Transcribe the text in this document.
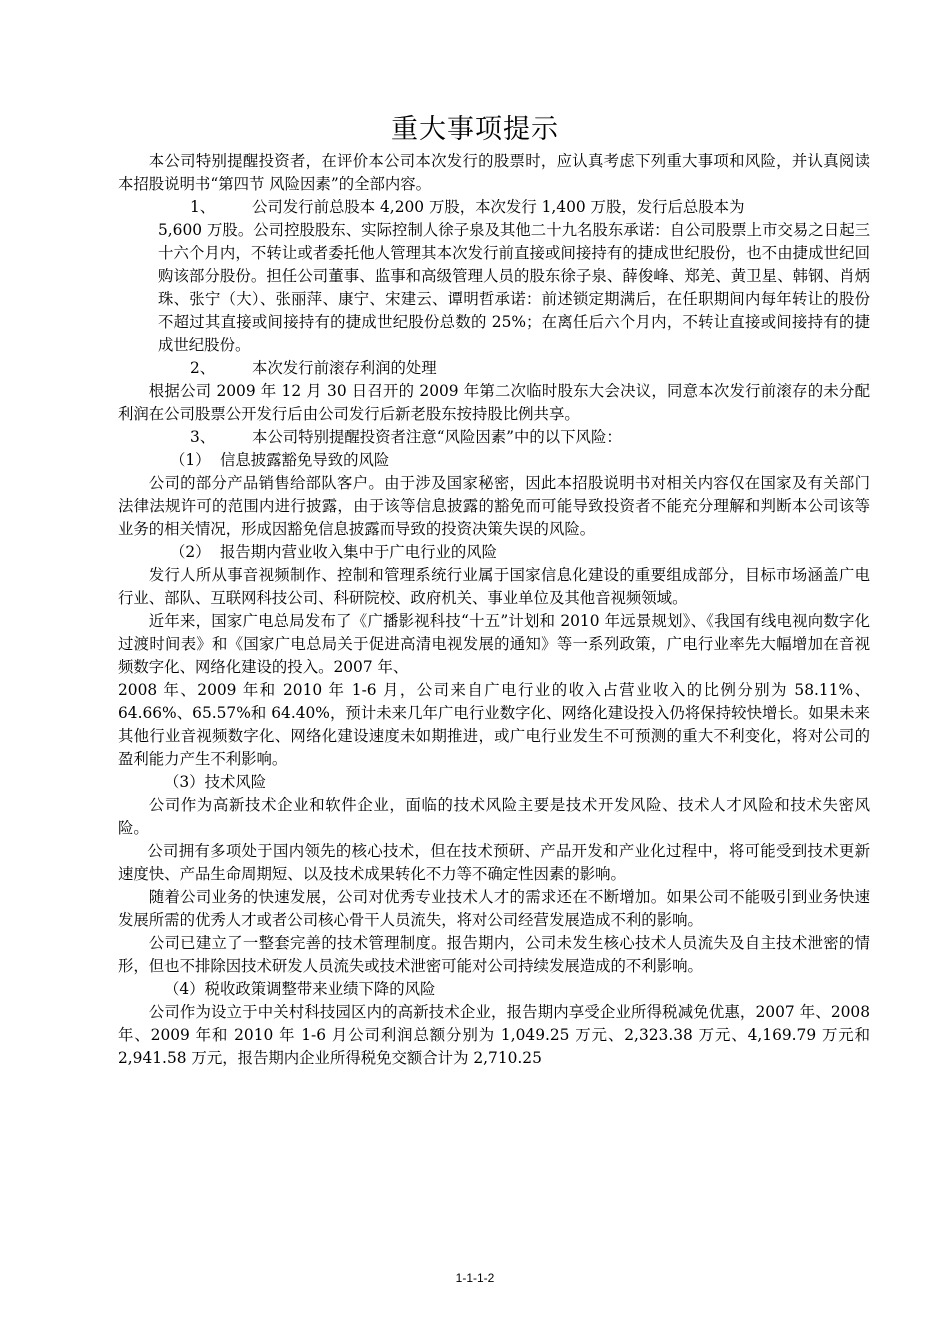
重大事项提示

本公司特别提醒投资者，在评价本公司本次发行的股票时，应认真考虑下列重大事项和风险，并认真阅读本招股说明书“第四节 风险因素”的全部内容。

1、 公司发行前总股本 4,200 万股，本次发行 1,400 万股，发行后总股本为

5,600 万股。公司控股股东、实际控制人徐子泉及其他二十九名股东承诺：自公司股票上市交易之日起三十六个月内，不转让或者委托他人管理其本次发行前直接或间接持有的捷成世纪股份，也不由捷成世纪回购该部分股份。担任公司董事、监事和高级管理人员的股东徐子泉、薛俊峰、郑羌、黄卫星、韩钢、肖炳珠、张宁（大）、张丽萍、康宁、宋建云、谭明哲承诺：前述锁定期满后，在任职期间内每年转让的股份不超过其直接或间接持有的捷成世纪股份总数的 25%；在离任后六个月内，不转让直接或间接持有的捷成世纪股份。

2、 本次发行前滚存利润的处理

根据公司 2009 年 12 月 30 日召开的 2009 年第二次临时股东大会决议，同意本次发行前滚存的未分配利润在公司股票公开发行后由公司发行后新老股东按持股比例共享。

3、 本公司特别提醒投资者注意“风险因素”中的以下风险：

（1） 信息披露豁免导致的风险

公司的部分产品销售给部队客户。由于涉及国家秘密，因此本招股说明书对相关内容仅在国家及有关部门法律法规许可的范围内进行披露，由于该等信息披露的豁免而可能导致投资者不能充分理解和判断本公司该等业务的相关情况，形成因豁免信息披露而导致的投资决策失误的风险。

（2） 报告期内营业收入集中于广电行业的风险

发行人所从事音视频制作、控制和管理系统行业属于国家信息化建设的重要组成部分，目标市场涵盖广电行业、部队、互联网科技公司、科研院校、政府机关、事业单位及其他音视频领域。

近年来，国家广电总局发布了《广播影视科技“十五”计划和 2010 年远景规划》、《我国有线电视向数字化过渡时间表》和《国家广电总局关于促进高清电视发展的通知》等一系列政策，广电行业率先大幅增加在音视频数字化、网络化建设的投入。2007 年、

2008 年、2009 年和 2010 年 1-6 月，公司来自广电行业的收入占营业收入的比例分别为 58.11%、64.66%、65.57%和 64.40%，预计未来几年广电行业数字化、网络化建设投入仍将保持较快增长。如果未来其他行业音视频数字化、网络化建设速度未如期推进，或广电行业发生不可预测的重大不利变化，将对公司的盈利能力产生不利影响。

（3）技术风险

公司作为高新技术企业和软件企业，面临的技术风险主要是技术开发风险、技术人才风险和技术失密风险。

公司拥有多项处于国内领先的核心技术，但在技术预研、产品开发和产业化过程中，将可能受到技术更新速度快、产品生命周期短、以及技术成果转化不力等不确定性因素的影响。

随着公司业务的快速发展，公司对优秀专业技术人才的需求还在不断增加。如果公司不能吸引到业务快速发展所需的优秀人才或者公司核心骨干人员流失，将对公司经营发展造成不利的影响。

公司已建立了一整套完善的技术管理制度。报告期内，公司未发生核心技术人员流失及自主技术泄密的情形，但也不排除因技术研发人员流失或技术泄密可能对公司持续发展造成的不利影响。

（4）税收政策调整带来业绩下降的风险

公司作为设立于中关村科技园区内的高新技术企业，报告期内享受企业所得税减免优惠，2007 年、2008 年、2009 年和 2010 年 1-6 月公司利润总额分别为 1,049.25 万元、2,323.38 万元、4,169.79 万元和 2,941.58 万元，报告期内企业所得税免交额合计为 2,710.25

1-1-1-2
